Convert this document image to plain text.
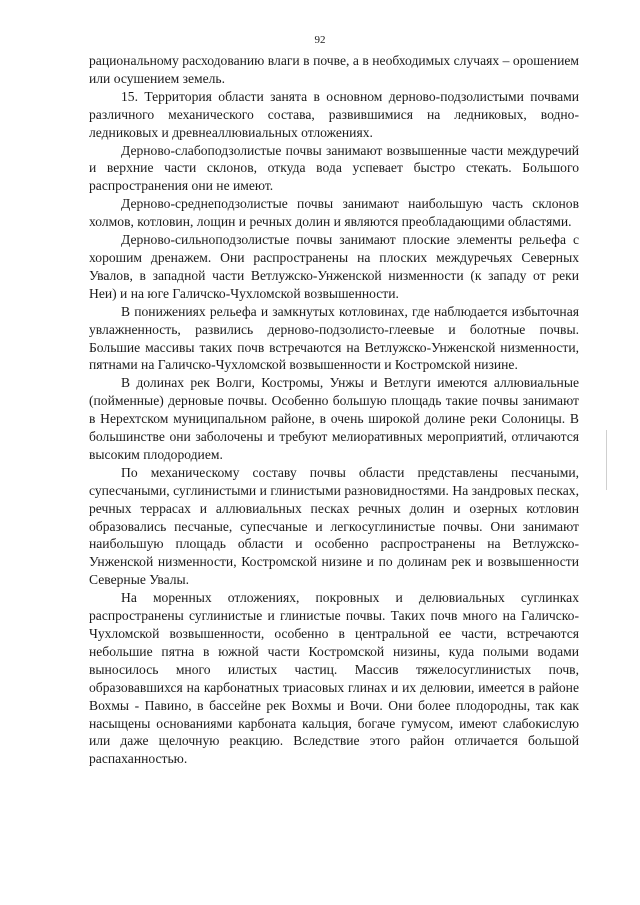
92

рациональному расходованию влаги в почве, а в необходимых случаях – орошением или осушением земель.

15. Территория области занята в основном дерново-подзолистыми почвами различного механического состава, развившимися на ледниковых, водно-ледниковых и древнеаллювиальных отложениях.

Дерново-слабоподзолистые почвы занимают возвышенные части междуречий и верхние части склонов, откуда вода успевает быстро стекать. Большого распространения они не имеют.

Дерново-среднеподзолистые почвы занимают наибольшую часть склонов холмов, котловин, лощин и речных долин и являются преобладающими областями.

Дерново-сильноподзолистые почвы занимают плоские элементы рельефа с хорошим дренажем. Они распространены на плоских междуречьях Северных Увалов, в западной части Ветлужско-Унженской низменности (к западу от реки Неи) и на юге Галичско-Чухломской возвышенности.

В понижениях рельефа и замкнутых котловинах, где наблюдается избыточная увлажненность, развились дерново-подзолисто-глеевые и болотные почвы. Большие массивы таких почв встречаются на Ветлужско-Унженской низменности, пятнами на Галичско-Чухломской возвышенности и Костромской низине.

В долинах рек Волги, Костромы, Унжы и Ветлуги имеются аллювиальные (пойменные) дерновые почвы. Особенно большую площадь такие почвы занимают в Нерехтском муниципальном районе, в очень широкой долине реки Солоницы. В большинстве они заболочены и требуют мелиоративных мероприятий, отличаются высоким плодородием.

По механическому составу почвы области представлены песчаными, супесчаными, суглинистыми и глинистыми разновидностями. На зандровых песках, речных террасах и аллювиальных песках речных долин и озерных котловин образовались песчаные, супесчаные и легкосуглинистые почвы. Они занимают наибольшую площадь области и особенно распространены на Ветлужско-Унженской низменности, Костромской низине и по долинам рек и возвышенности Северные Увалы.

На моренных отложениях, покровных и делювиальных суглинках распространены суглинистые и глинистые почвы. Таких почв много на Галичско-Чухломской возвышенности, особенно в центральной ее части, встречаются небольшие пятна в южной части Костромской низины, куда полыми водами выносилось много илистых частиц. Массив тяжелосуглинистых почв, образовавшихся на карбонатных триасовых глинах и их делювии, имеется в районе Вохмы - Павино, в бассейне рек Вохмы и Вочи. Они более плодородны, так как насыщены основаниями карбоната кальция, богаче гумусом, имеют слабокислую или даже щелочную реакцию. Вследствие этого район отличается большой распаханностью.
